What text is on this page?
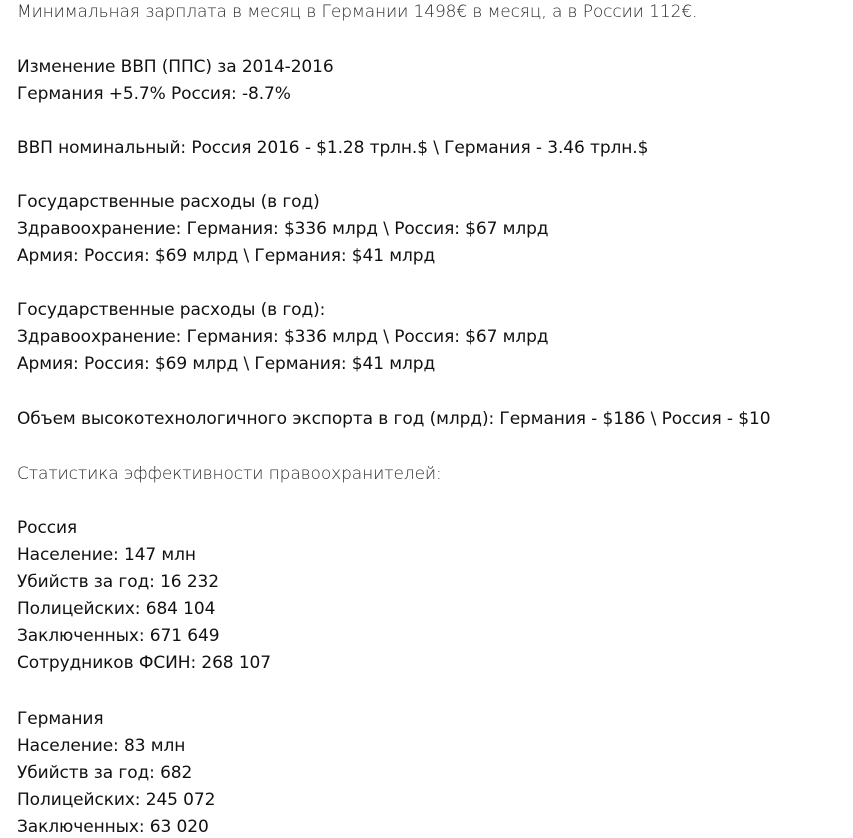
Минимальная зарплата в месяц в Германии 1498€ в месяц, а в России 112€.
Изменение ВВП (ППС) за 2014-2016
Германия +5.7% Россия: -8.7%
ВВП номинальный: Россия 2016 - $1.28 трлн.$ \ Германия - 3.46 трлн.$
Государственные расходы (в год)
Здравоохранение: Германия: $336 млрд \ Россия: $67 млрд
Армия: Россия: $69 млрд \ Германия: $41 млрд
Государственные расходы (в год):
Здравоохранение: Германия: $336 млрд \ Россия: $67 млрд
Армия: Россия: $69 млрд \ Германия: $41 млрд
Объем высокотехнологичного экспорта в год (млрд): Германия - $186 \ Россия - $10
Статистика эффективности правоохранителей:
Россия
Население: 147 млн
Убийств за год: 16 232
Полицейских: 684 104
Заключенных: 671 649
Сотрудников ФСИН: 268 107
Германия
Население: 83 млн
Убийств за год: 682
Полицейских: 245 072
Заключенных: 63 020
